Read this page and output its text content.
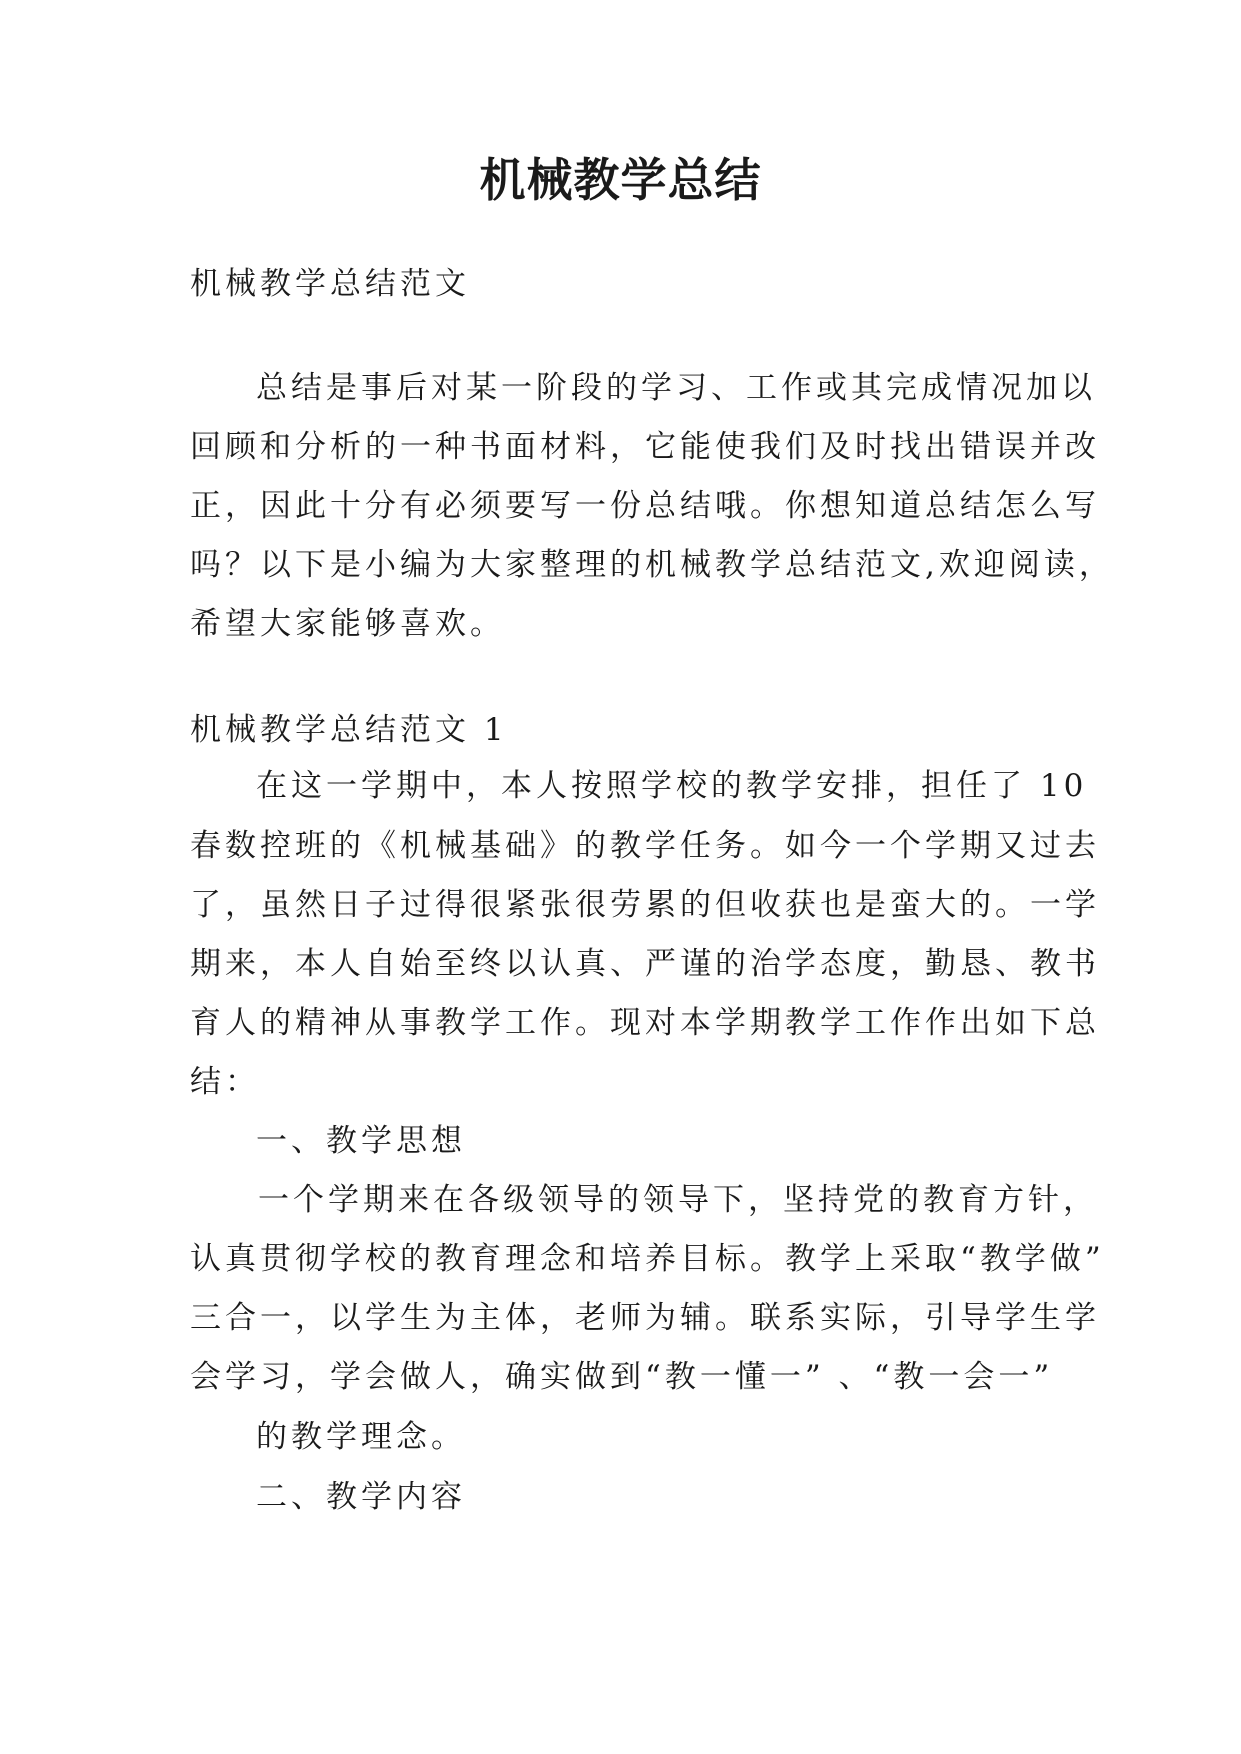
机械教学总结
机械教学总结范文
总结是事后对某一阶段的学习、工作或其完成情况加以
回顾和分析的一种书面材料，它能使我们及时找出错误并改
正，因此十分有必须要写一份总结哦。你想知道总结怎么写
吗？以下是小编为大家整理的机械教学总结范文,欢迎阅读，
希望大家能够喜欢。
机械教学总结范文 1
在这一学期中，本人按照学校的教学安排，担任了 10
春数控班的《机械基础》的教学任务。如今一个学期又过去
了，虽然日子过得很紧张很劳累的但收获也是蛮大的。一学
期来，本人自始至终以认真、严谨的治学态度，勤恳、教书
育人的精神从事教学工作。现对本学期教学工作作出如下总
结：
一、教学思想
一个学期来在各级领导的领导下，坚持党的教育方针，
认真贯彻学校的教育理念和培养目标。教学上采取“教学做”
三合一，以学生为主体，老师为辅。联系实际，引导学生学
会学习，学会做人，确实做到“教一懂一” 、“教一会一”
的教学理念。
二、教学内容
